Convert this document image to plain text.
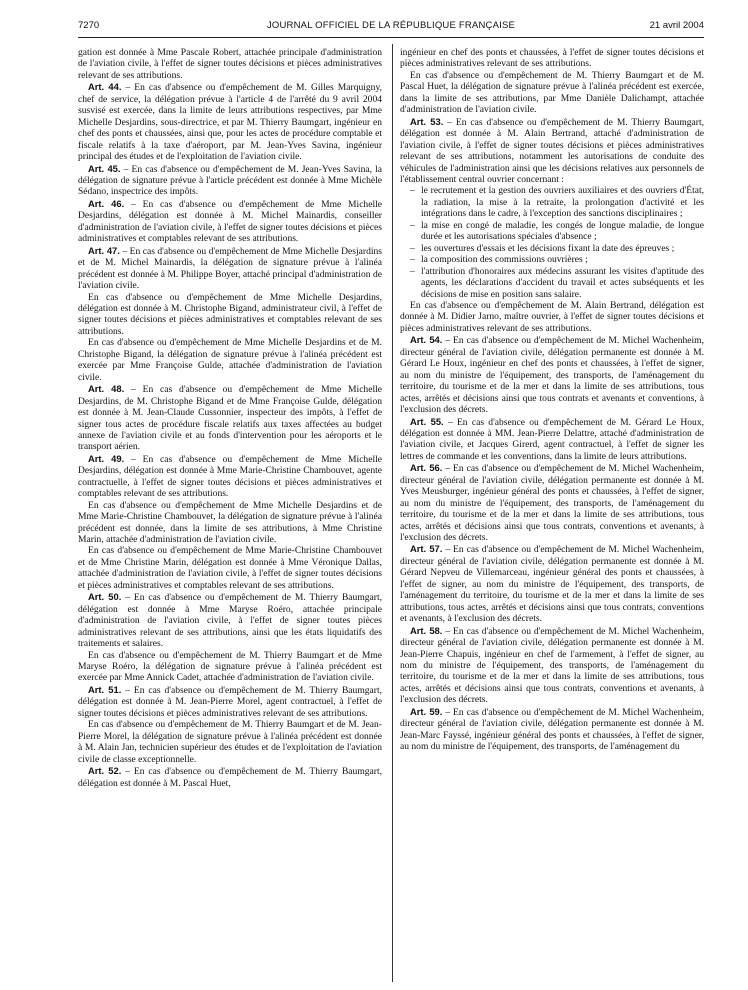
7270	JOURNAL OFFICIEL DE LA RÉPUBLIQUE FRANÇAISE	21 avril 2004

gation est donnée à Mme Pascale Robert, attachée principale d'administration de l'aviation civile, à l'effet de signer toutes décisions et pièces administratives relevant de ses attributions.

Art. 44. – En cas d'absence ou d'empêchement de M. Gilles Marquigny, chef de service, la délégation prévue à l'article 4 de l'arrêté du 9 avril 2004 susvisé est exercée, dans la limite de leurs attributions respectives, par Mme Michelle Desjardins, sous-directrice, et par M. Thierry Baumgart, ingénieur en chef des ponts et chaussées, ainsi que, pour les actes de procédure comptable et fiscale relatifs à la taxe d'aéroport, par M. Jean-Yves Savina, ingénieur principal des études et de l'exploitation de l'aviation civile.

Art. 45. – En cas d'absence ou d'empêchement de M. Jean-Yves Savina, la délégation de signature prévue à l'article précédent est donnée à Mme Michèle Sédano, inspectrice des impôts.

Art. 46. – En cas d'absence ou d'empêchement de Mme Michelle Desjardins, délégation est donnée à M. Michel Mainardis, conseiller d'administration de l'aviation civile, à l'effet de signer toutes décisions et pièces administratives et comptables relevant de ses attributions.

Art. 47. – En cas d'absence ou d'empêchement de Mme Michelle Desjardins et de M. Michel Mainardis, la délégation de signature prévue à l'alinéa précédent est donnée à M. Philippe Boyer, attaché principal d'administration de l'aviation civile.

En cas d'absence ou d'empêchement de Mme Michelle Desjardins, délégation est donnée à M. Christophe Bigand, administrateur civil, à l'effet de signer toutes décisions et pièces administratives et comptables relevant de ses attributions.

En cas d'absence ou d'empêchement de Mme Michelle Desjardins et de M. Christophe Bigand, la délégation de signature prévue à l'alinéa précédent est exercée par Mme Françoise Gulde, attachée d'administration de l'aviation civile.

Art. 48. – En cas d'absence ou d'empêchement de Mme Michelle Desjardins, de M. Christophe Bigand et de Mme Françoise Gulde, délégation est donnée à M. Jean-Claude Cussonnier, inspecteur des impôts, à l'effet de signer tous actes de procédure fiscale relatifs aux taxes affectées au budget annexe de l'aviation civile et au fonds d'intervention pour les aéroports et le transport aérien.

Art. 49. – En cas d'absence ou d'empêchement de Mme Michelle Desjardins, délégation est donnée à Mme Marie-Christine Chambouvet, agente contractuelle, à l'effet de signer toutes décisions et pièces administratives et comptables relevant de ses attributions.

En cas d'absence ou d'empêchement de Mme Michelle Desjardins et de Mme Marie-Christine Chambouvet, la délégation de signature prévue à l'alinéa précédent est donnée, dans la limite de ses attributions, à Mme Christine Marin, attachée d'administration de l'aviation civile.

En cas d'absence ou d'empêchement de Mme Marie-Christine Chambouvet et de Mme Christine Marin, délégation est donnée à Mme Véronique Dallas, attachée d'administration de l'aviation civile, à l'effet de signer toutes décisions et pièces administratives et comptables relevant de ses attributions.

Art. 50. – En cas d'absence ou d'empêchement de M. Thierry Baumgart, délégation est donnée à Mme Maryse Roéro, attachée principale d'administration de l'aviation civile, à l'effet de signer toutes pièces administratives relevant de ses attributions, ainsi que les états liquidatifs des traitements et salaires.

En cas d'absence ou d'empêchement de M. Thierry Baumgart et de Mme Maryse Roéro, la délégation de signature prévue à l'alinéa précédent est exercée par Mme Annick Cadet, attachée d'administration de l'aviation civile.

Art. 51. – En cas d'absence ou d'empêchement de M. Thierry Baumgart, délégation est donnée à M. Jean-Pierre Morel, agent contractuel, à l'effet de signer toutes décisions et pièces administratives relevant de ses attributions.

En cas d'absence ou d'empêchement de M. Thierry Baumgart et de M. Jean-Pierre Morel, la délégation de signature prévue à l'alinéa précédent est donnée à M. Alain Jan, technicien supérieur des études et de l'exploitation de l'aviation civile de classe exceptionnelle.

Art. 52. – En cas d'absence ou d'empêchement de M. Thierry Baumgart, délégation est donnée à M. Pascal Huet,

ingénieur en chef des ponts et chaussées, à l'effet de signer toutes décisions et pièces administratives relevant de ses attributions.

En cas d'absence ou d'empêchement de M. Thierry Baumgart et de M. Pascal Huet, la délégation de signature prévue à l'alinéa précédent est exercée, dans la limite de ses attributions, par Mme Danièle Dalichampt, attachée d'administration de l'aviation civile.

Art. 53. – En cas d'absence ou d'empêchement de M. Thierry Baumgart, délégation est donnée à M. Alain Bertrand, attaché d'administration de l'aviation civile, à l'effet de signer toutes décisions et pièces administratives relevant de ses attributions, notamment les autorisations de conduite des véhicules de l'administration ainsi que les décisions relatives aux personnels de l'établissement central ouvrier concernant :

– le recrutement et la gestion des ouvriers auxiliaires et des ouvriers d'État, la radiation, la mise à la retraite, la prolongation d'activité et les intégrations dans le cadre, à l'exception des sanctions disciplinaires ;
– la mise en congé de maladie, les congés de longue maladie, de longue durée et les autorisations spéciales d'absence ;
– les ouvertures d'essais et les décisions fixant la date des épreuves ;
– la composition des commissions ouvrières ;
– l'attribution d'honoraires aux médecins assurant les visites d'aptitude des agents, les déclarations d'accident du travail et actes subséquents et les décisions de mise en position sans salaire.

En cas d'absence ou d'empêchement de M. Alain Bertrand, délégation est donnée à M. Didier Jarno, maître ouvrier, à l'effet de signer toutes décisions et pièces administratives relevant de ses attributions.

Art. 54. – En cas d'absence ou d'empêchement de M. Michel Wachenheim, directeur général de l'aviation civile, délégation permanente est donnée à M. Gérard Le Houx, ingénieur en chef des ponts et chaussées, à l'effet de signer, au nom du ministre de l'équipement, des transports, de l'aménagement du territoire, du tourisme et de la mer et dans la limite de ses attributions, tous actes, arrêtés et décisions ainsi que tous contrats et avenants et conventions, à l'exclusion des décrets.

Art. 55. – En cas d'absence ou d'empêchement de M. Gérard Le Houx, délégation est donnée à MM. Jean-Pierre Delattre, attaché d'administration de l'aviation civile, et Jacques Girerd, agent contractuel, à l'effet de signer les lettres de commande et les conventions, dans la limite de leurs attributions.

Art. 56. – En cas d'absence ou d'empêchement de M. Michel Wachenheim, directeur général de l'aviation civile, délégation permanente est donnée à M. Yves Meusburger, ingénieur général des ponts et chaussées, à l'effet de signer, au nom du ministre de l'équipement, des transports, de l'aménagement du territoire, du tourisme et de la mer et dans la limite de ses attributions, tous actes, arrêtés et décisions ainsi que tous contrats, conventions et avenants, à l'exclusion des décrets.

Art. 57. – En cas d'absence ou d'empêchement de M. Michel Wachenheim, directeur général de l'aviation civile, délégation permanente est donnée à M. Gérard Nepveu de Villemarceau, ingénieur général des ponts et chaussées, à l'effet de signer, au nom du ministre de l'équipement, des transports, de l'aménagement du territoire, du tourisme et de la mer et dans la limite de ses attributions, tous actes, arrêtés et décisions ainsi que tous contrats, conventions et avenants, à l'exclusion des décrets.

Art. 58. – En cas d'absence ou d'empêchement de M. Michel Wachenheim, directeur général de l'aviation civile, délégation permanente est donnée à M. Jean-Pierre Chapuis, ingénieur en chef de l'armement, à l'effet de signer, au nom du ministre de l'équipement, des transports, de l'aménagement du territoire, du tourisme et de la mer et dans la limite de ses attributions, tous actes, arrêtés et décisions ainsi que tous contrats, conventions et avenants, à l'exclusion des décrets.

Art. 59. – En cas d'absence ou d'empêchement de M. Michel Wachenheim, directeur général de l'aviation civile, délégation permanente est donnée à M. Jean-Marc Fayssé, ingénieur général des ponts et chaussées, à l'effet de signer, au nom du ministre de l'équipement, des transports, de l'aménagement du
